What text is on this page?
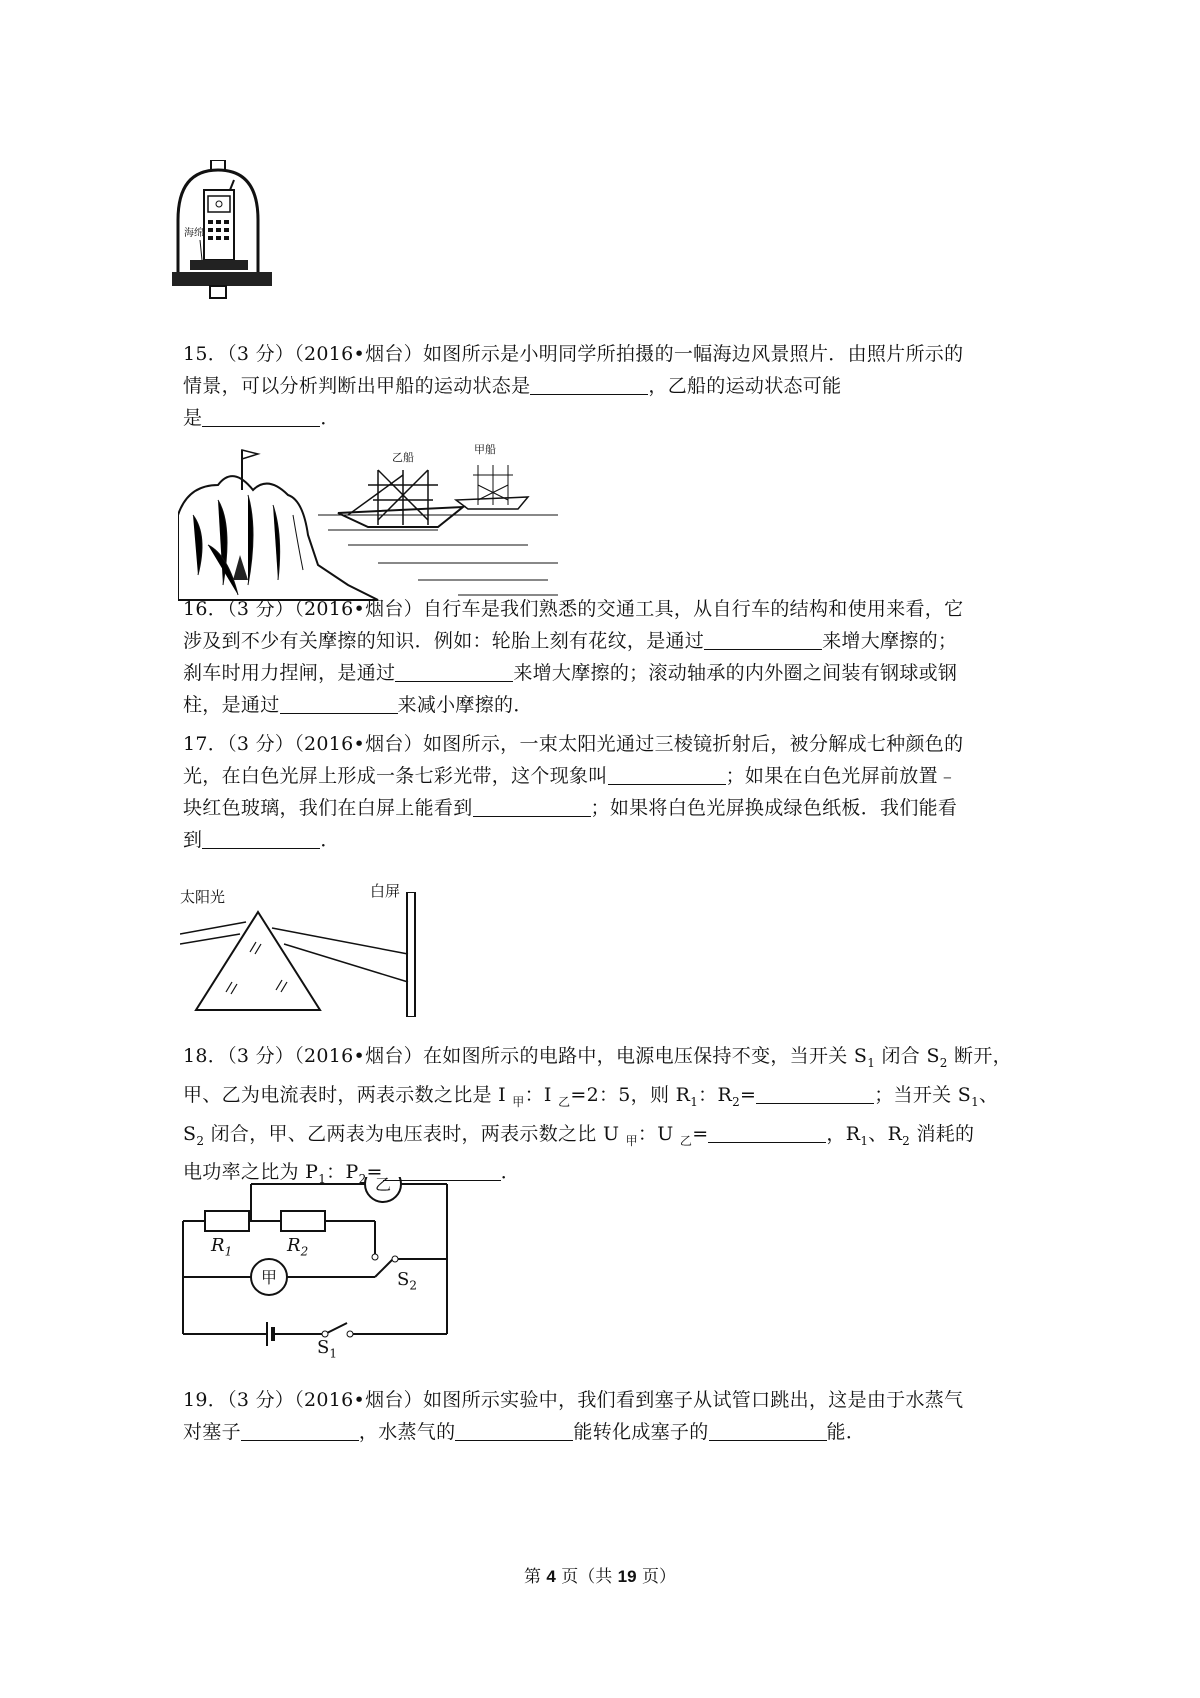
海绵
15．（3 分）（2016•烟台）如图所示是小明同学所拍摄的一幅海边风景照片．由照片所示的
情景，可以分析判断出甲船的运动状态是	，乙船的运动状态可能
是	．
乙船
甲船
16．（3 分）（2016•烟台）自行车是我们熟悉的交通工具，从自行车的结构和使用来看，它
涉及到不少有关摩擦的知识．例如：轮胎上刻有花纹，是通过	来增大摩擦的；
刹车时用力捏闸，是通过	来增大摩擦的；滚动轴承的内外圈之间装有钢球或钢
柱，是通过	来减小摩擦的．
17．（3 分）（2016•烟台）如图所示，一束太阳光通过三棱镜折射后，被分解成七种颜色的
光，在白色光屏上形成一条七彩光带，这个现象叫	；如果在白色光屏前放置﹣
块红色玻璃，我们在白屏上能看到	；如果将白色光屏换成绿色纸板．我们能看
到	．
太阳光	白屏
18．（3 分）（2016•烟台）在如图所示的电路中，电源电压保持不变，当开关 $S_1$ 闭合 $S_2$ 断开，
甲、乙为电流表时，两表示数之比是 I $_甲$：I $_乙$=2：5，则 $R_1$：$R_2=$	；当开关 $S_1$、
$S_2$ 闭合，甲、乙两表为电压表时，两表示数之比 U $_甲$：U $_乙$=	，$R_1$、$R_2$ 消耗的
电功率之比为 $P_1$：$P_2=$	．
乙
甲
$R_1$	$R_2$
$S_2$
$S_1$
19．（3 分）（2016•烟台）如图所示实验中，我们看到塞子从试管口跳出，这是由于水蒸气
对塞子	，水蒸气的	能转化成塞子的	能．
第 4 页（共 19 页）
